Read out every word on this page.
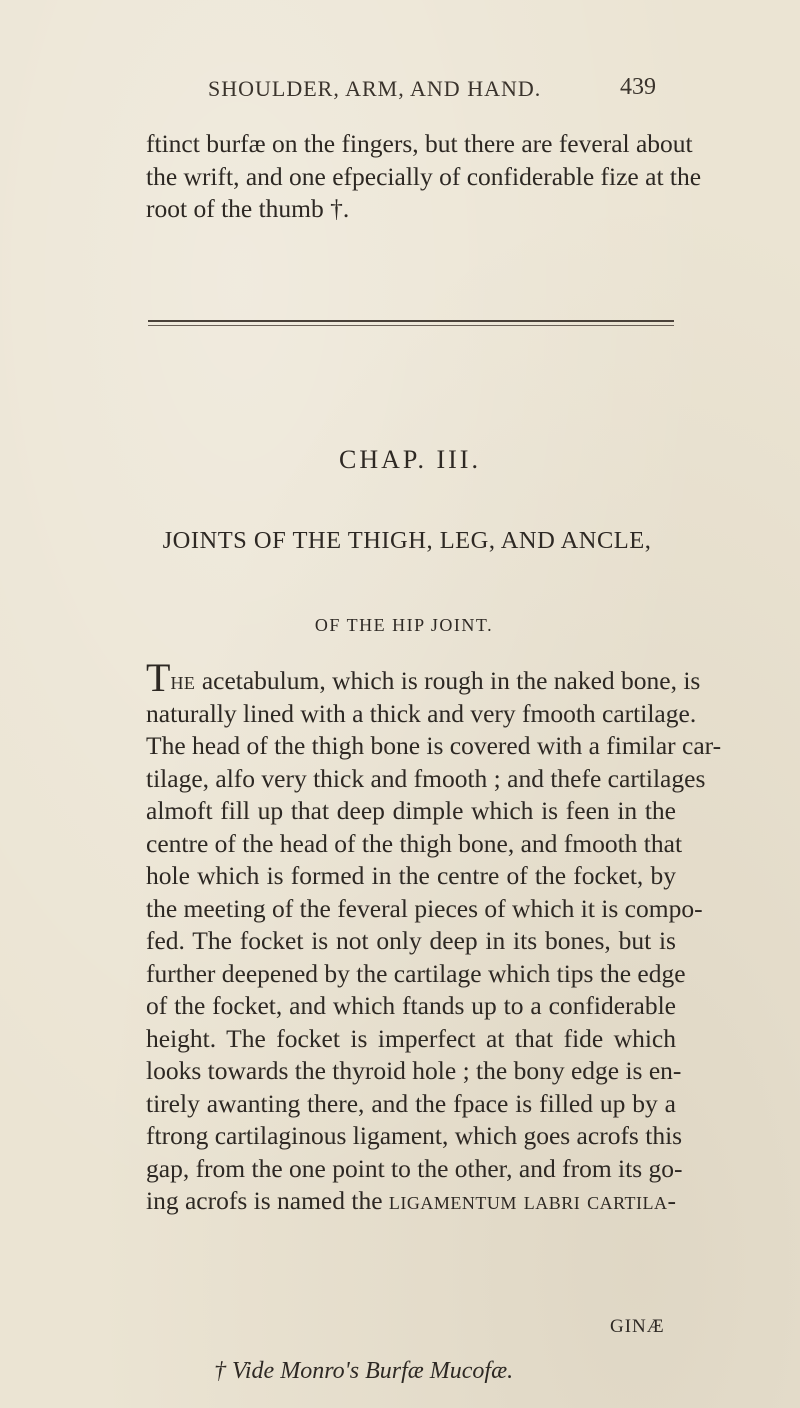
SHOULDER, ARM, AND HAND.	439
ftinct burfæ on the fingers, but there are feveral about
the wrift, and one efpecially of confiderable fize at the
root of the thumb †.
CHAP. III.
JOINTS OF THE THIGH, LEG, AND ANCLE,
OF THE HIP JOINT.
The acetabulum, which is rough in the naked bone, is
naturally lined with a thick and very fmooth cartilage.
The head of the thigh bone is covered with a fimilar car-
tilage, alfo very thick and fmooth ; and thefe cartilages
almoft fill up that deep dimple which is feen in the
centre of the head of the thigh bone, and fmooth that
hole which is formed in the centre of the focket, by
the meeting of the feveral pieces of which it is compo-
fed. The focket is not only deep in its bones, but is
further deepened by the cartilage which tips the edge
of the focket, and which ftands up to a confiderable
height. The focket is imperfect at that fide which
looks towards the thyroid hole ; the bony edge is en-
tirely awanting there, and the fpace is filled up by a
ftrong cartilaginous ligament, which goes acrofs this
gap, from the one point to the other, and from its go-
ing acrofs is named the ligamentum labri cartila-
GINÆ
† Vide Monro's Burfæ Mucofæ.
